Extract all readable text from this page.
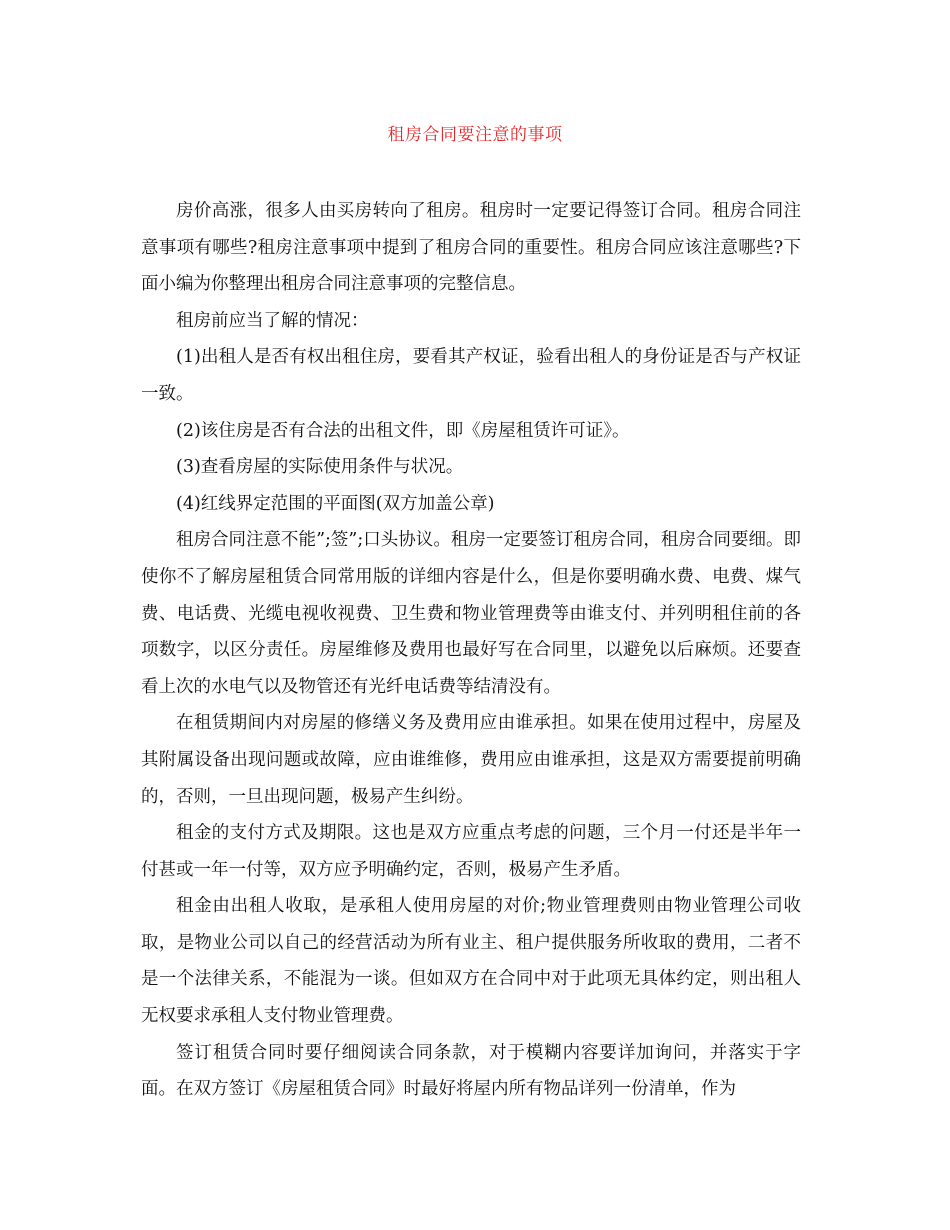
租房合同要注意的事项

房价高涨，很多人由买房转向了租房。租房时一定要记得签订合同。租房合同注意事项有哪些?租房注意事项中提到了租房合同的重要性。租房合同应该注意哪些?下面小编为你整理出租房合同注意事项的完整信息。

租房前应当了解的情况：

(1)出租人是否有权出租住房，要看其产权证，验看出租人的身份证是否与产权证一致。

(2)该住房是否有合法的出租文件，即《房屋租赁许可证》。

(3)查看房屋的实际使用条件与状况。

(4)红线界定范围的平面图(双方加盖公章)

租房合同注意不能”;签”;口头协议。租房一定要签订租房合同，租房合同要细。即使你不了解房屋租赁合同常用版的详细内容是什么，但是你要明确水费、电费、煤气费、电话费、光缆电视收视费、卫生费和物业管理费等由谁支付、并列明租住前的各项数字，以区分责任。房屋维修及费用也最好写在合同里，以避免以后麻烦。还要查看上次的水电气以及物管还有光纤电话费等结清没有。

在租赁期间内对房屋的修缮义务及费用应由谁承担。如果在使用过程中，房屋及其附属设备出现问题或故障，应由谁维修，费用应由谁承担，这是双方需要提前明确的，否则，一旦出现问题，极易产生纠纷。

租金的支付方式及期限。这也是双方应重点考虑的问题，三个月一付还是半年一付甚或一年一付等，双方应予明确约定，否则，极易产生矛盾。

租金由出租人收取，是承租人使用房屋的对价;物业管理费则由物业管理公司收取，是物业公司以自己的经营活动为所有业主、租户提供服务所收取的费用，二者不是一个法律关系，不能混为一谈。但如双方在合同中对于此项无具体约定，则出租人无权要求承租人支付物业管理费。

签订租赁合同时要仔细阅读合同条款，对于模糊内容要详加询问，并落实于字面。在双方签订《房屋租赁合同》时最好将屋内所有物品详列一份清单，作为
